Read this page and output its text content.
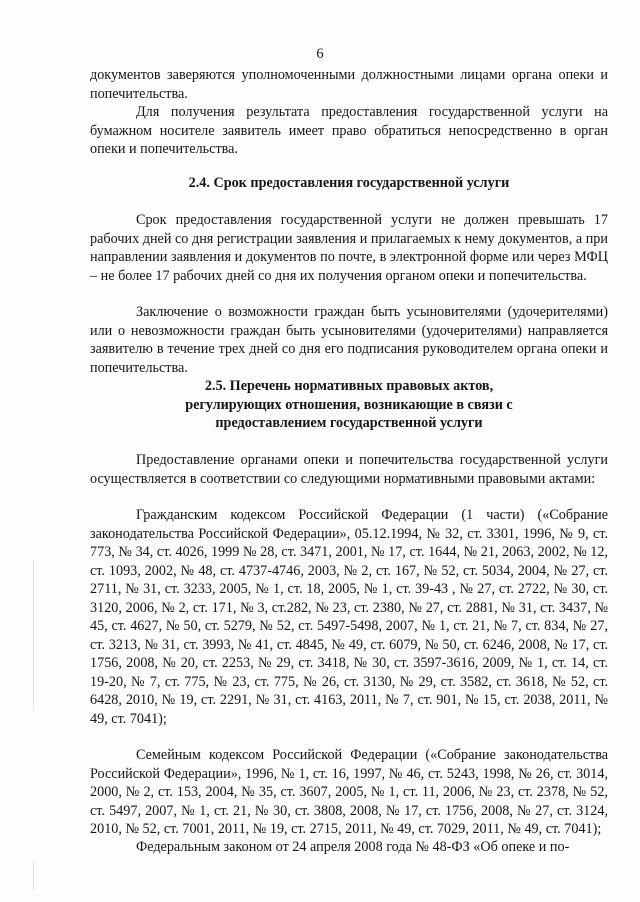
6

документов заверяются уполномоченными должностными лицами органа опеки и попечительства.

Для получения результата предоставления государственной услуги на бумажном носителе заявитель имеет право обратиться непосредственно в орган опеки и попечительства.

2.4. Срок предоставления государственной услуги

Срок предоставления государственной услуги не должен превышать 17 рабочих дней со дня регистрации заявления и прилагаемых к нему документов, а при направлении заявления и документов по почте, в электронной форме или через МФЦ – не более 17 рабочих дней со дня их получения органом опеки и попечительства.

Заключение о возможности граждан быть усыновителями (удочерителями) или о невозможности граждан быть усыновителями (удочерителями) направляется заявителю в течение трех дней со дня его подписания руководителем органа опеки и попечительства.

2.5. Перечень нормативных правовых актов,
регулирующих отношения, возникающие в связи с
предоставлением государственной услуги

Предоставление органами опеки и попечительства государственной услуги осуществляется в соответствии со следующими нормативными правовыми актами:

Гражданским кодексом Российской Федерации (1 части) («Собрание законодательства Российской Федерации», 05.12.1994, № 32, ст. 3301, 1996, № 9, ст. 773, № 34, ст. 4026, 1999 № 28, ст. 3471, 2001, № 17, ст. 1644, № 21, 2063, 2002, № 12, ст. 1093, 2002, № 48, ст. 4737-4746, 2003, № 2, ст. 167, № 52, ст. 5034, 2004, № 27, ст. 2711, № 31, ст. 3233, 2005, № 1, ст. 18, 2005, № 1, ст. 39-43 , № 27, ст. 2722, № 30, ст. 3120, 2006, № 2, ст. 171, № 3, ст.282, № 23, ст. 2380, № 27, ст. 2881, № 31, ст. 3437, № 45, ст. 4627, № 50, ст. 5279, № 52, ст. 5497-5498, 2007, № 1, ст. 21, № 7, ст. 834, № 27, ст. 3213, № 31, ст. 3993, № 41, ст. 4845, № 49, ст. 6079, № 50, ст. 6246, 2008, № 17, ст. 1756, 2008, № 20, ст. 2253, № 29, ст. 3418, № 30, ст. 3597-3616, 2009, № 1, ст. 14, ст. 19-20, № 7, ст. 775, № 23, ст. 775, № 26, ст. 3130, № 29, ст. 3582, ст. 3618, № 52, ст. 6428, 2010, № 19, ст. 2291, № 31, ст. 4163, 2011, № 7, ст. 901, № 15, ст. 2038, 2011, № 49, ст. 7041);

Семейным кодексом Российской Федерации («Собрание законодательства Российской Федерации», 1996, № 1, ст. 16, 1997, № 46, ст. 5243, 1998, № 26, ст. 3014, 2000, № 2, ст. 153, 2004, № 35, ст. 3607, 2005, № 1, ст. 11, 2006, № 23, ст. 2378, № 52, ст. 5497, 2007, № 1, ст. 21, № 30, ст. 3808, 2008, № 17, ст. 1756, 2008, № 27, ст. 3124, 2010, № 52, ст. 7001, 2011, № 19, ст. 2715, 2011, № 49, ст. 7029, 2011, № 49, ст. 7041);

Федеральным законом от 24 апреля 2008 года № 48-ФЗ «Об опеке и по-
